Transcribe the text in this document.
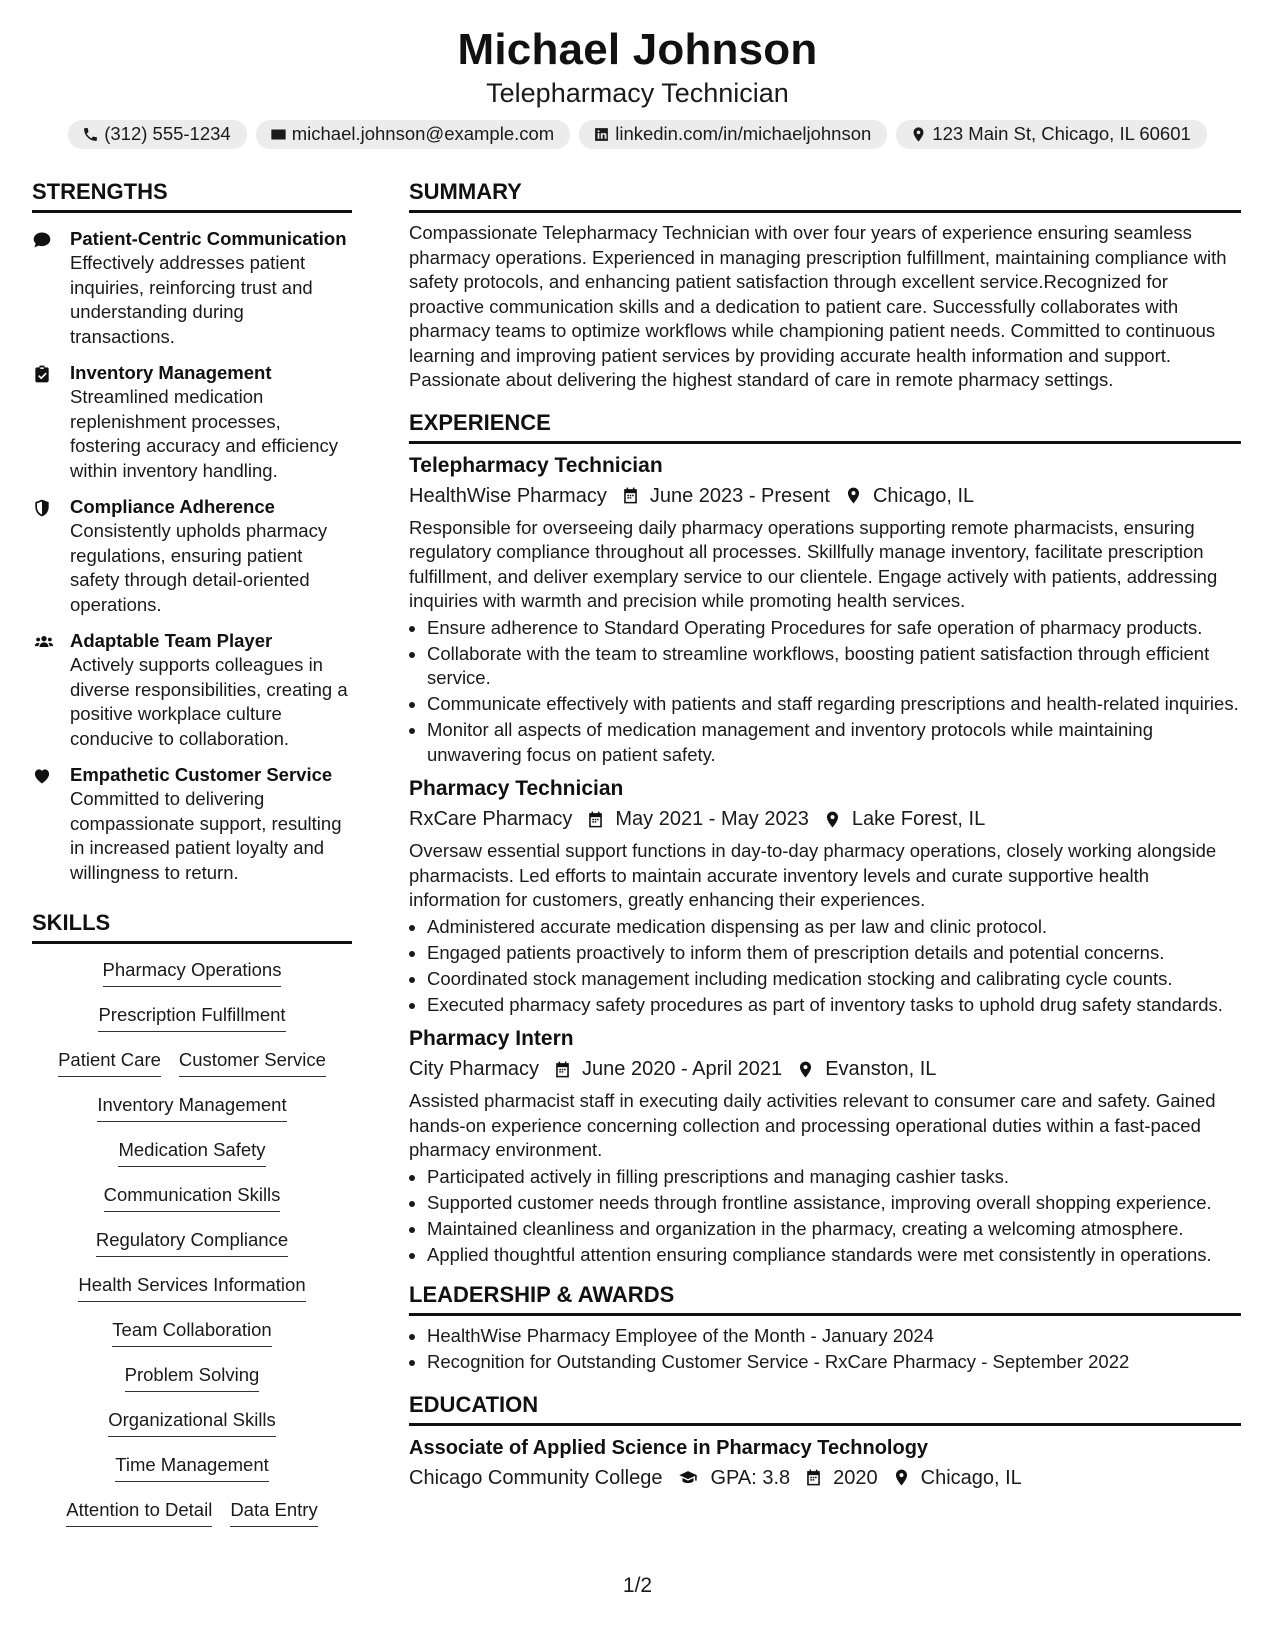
Michael Johnson
Telepharmacy Technician
(312) 555-1234	michael.johnson@example.com	linkedin.com/in/michaeljohnson	123 Main St, Chicago, IL 60601
STRENGTHS
Patient-Centric Communication
Effectively addresses patient inquiries, reinforcing trust and understanding during transactions.
Inventory Management
Streamlined medication replenishment processes, fostering accuracy and efficiency within inventory handling.
Compliance Adherence
Consistently upholds pharmacy regulations, ensuring patient safety through detail-oriented operations.
Adaptable Team Player
Actively supports colleagues in diverse responsibilities, creating a positive workplace culture conducive to collaboration.
Empathetic Customer Service
Committed to delivering compassionate support, resulting in increased patient loyalty and willingness to return.
SKILLS
Pharmacy Operations
Prescription Fulfillment
Patient Care Customer Service
Inventory Management
Medication Safety
Communication Skills
Regulatory Compliance
Health Services Information
Team Collaboration
Problem Solving
Organizational Skills
Time Management
Attention to Detail Data Entry
SUMMARY
Compassionate Telepharmacy Technician with over four years of experience ensuring seamless pharmacy operations. Experienced in managing prescription fulfillment, maintaining compliance with safety protocols, and enhancing patient satisfaction through excellent service.Recognized for proactive communication skills and a dedication to patient care. Successfully collaborates with pharmacy teams to optimize workflows while championing patient needs. Committed to continuous learning and improving patient services by providing accurate health information and support. Passionate about delivering the highest standard of care in remote pharmacy settings.
EXPERIENCE
Telepharmacy Technician
HealthWise Pharmacy June 2023 - Present Chicago, IL
Responsible for overseeing daily pharmacy operations supporting remote pharmacists, ensuring regulatory compliance throughout all processes. Skillfully manage inventory, facilitate prescription fulfillment, and deliver exemplary service to our clientele. Engage actively with patients, addressing inquiries with warmth and precision while promoting health services.
• Ensure adherence to Standard Operating Procedures for safe operation of pharmacy products.
• Collaborate with the team to streamline workflows, boosting patient satisfaction through efficient service.
• Communicate effectively with patients and staff regarding prescriptions and health-related inquiries.
• Monitor all aspects of medication management and inventory protocols while maintaining unwavering focus on patient safety.
Pharmacy Technician
RxCare Pharmacy May 2021 - May 2023 Lake Forest, IL
Oversaw essential support functions in day-to-day pharmacy operations, closely working alongside pharmacists. Led efforts to maintain accurate inventory levels and curate supportive health information for customers, greatly enhancing their experiences.
• Administered accurate medication dispensing as per law and clinic protocol.
• Engaged patients proactively to inform them of prescription details and potential concerns.
• Coordinated stock management including medication stocking and calibrating cycle counts.
• Executed pharmacy safety procedures as part of inventory tasks to uphold drug safety standards.
Pharmacy Intern
City Pharmacy June 2020 - April 2021 Evanston, IL
Assisted pharmacist staff in executing daily activities relevant to consumer care and safety. Gained hands-on experience concerning collection and processing operational duties within a fast-paced pharmacy environment.
• Participated actively in filling prescriptions and managing cashier tasks.
• Supported customer needs through frontline assistance, improving overall shopping experience.
• Maintained cleanliness and organization in the pharmacy, creating a welcoming atmosphere.
• Applied thoughtful attention ensuring compliance standards were met consistently in operations.
LEADERSHIP & AWARDS
• HealthWise Pharmacy Employee of the Month - January 2024
• Recognition for Outstanding Customer Service - RxCare Pharmacy - September 2022
EDUCATION
Associate of Applied Science in Pharmacy Technology
Chicago Community College GPA: 3.8 2020 Chicago, IL
1/2
